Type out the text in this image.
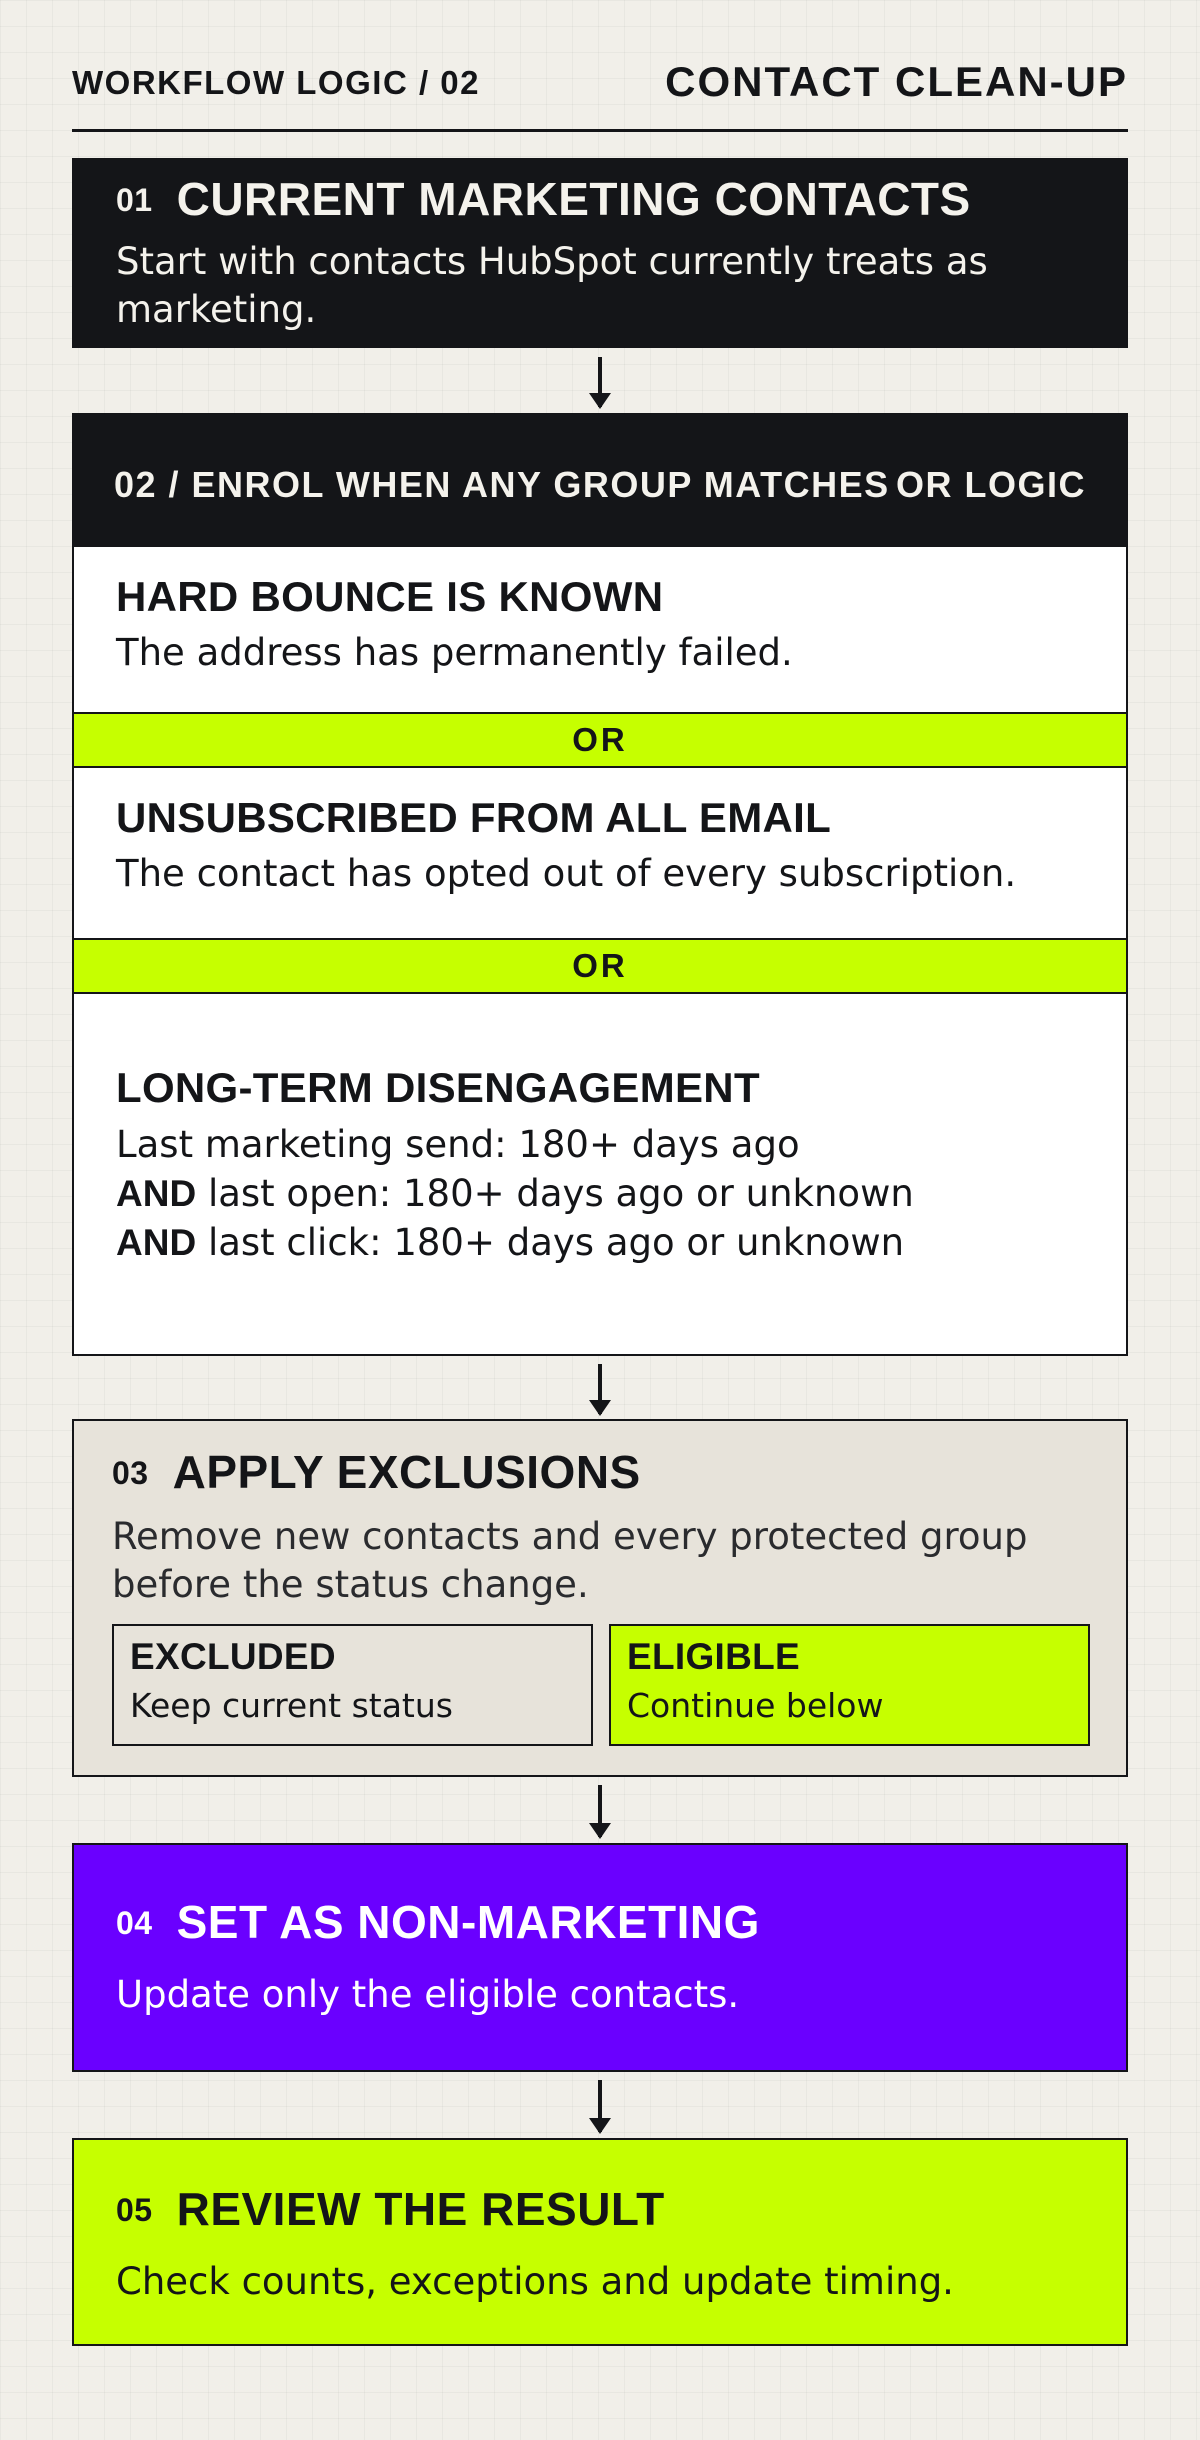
WORKFLOW LOGIC / 02	CONTACT CLEAN-UP
01 CURRENT MARKETING CONTACTS
Start with contacts HubSpot currently treats as marketing.
02 / ENROL WHEN ANY GROUP MATCHES OR LOGIC
HARD BOUNCE IS KNOWN
The address has permanently failed.
OR
UNSUBSCRIBED FROM ALL EMAIL
The contact has opted out of every subscription.
OR
LONG-TERM DISENGAGEMENT
Last marketing send: 180+ days ago
AND last open: 180+ days ago or unknown
AND last click: 180+ days ago or unknown
03 APPLY EXCLUSIONS
Remove new contacts and every protected group before the status change.
EXCLUDED
Keep current status
ELIGIBLE
Continue below
04 SET AS NON-MARKETING
Update only the eligible contacts.
05 REVIEW THE RESULT
Check counts, exceptions and update timing.
